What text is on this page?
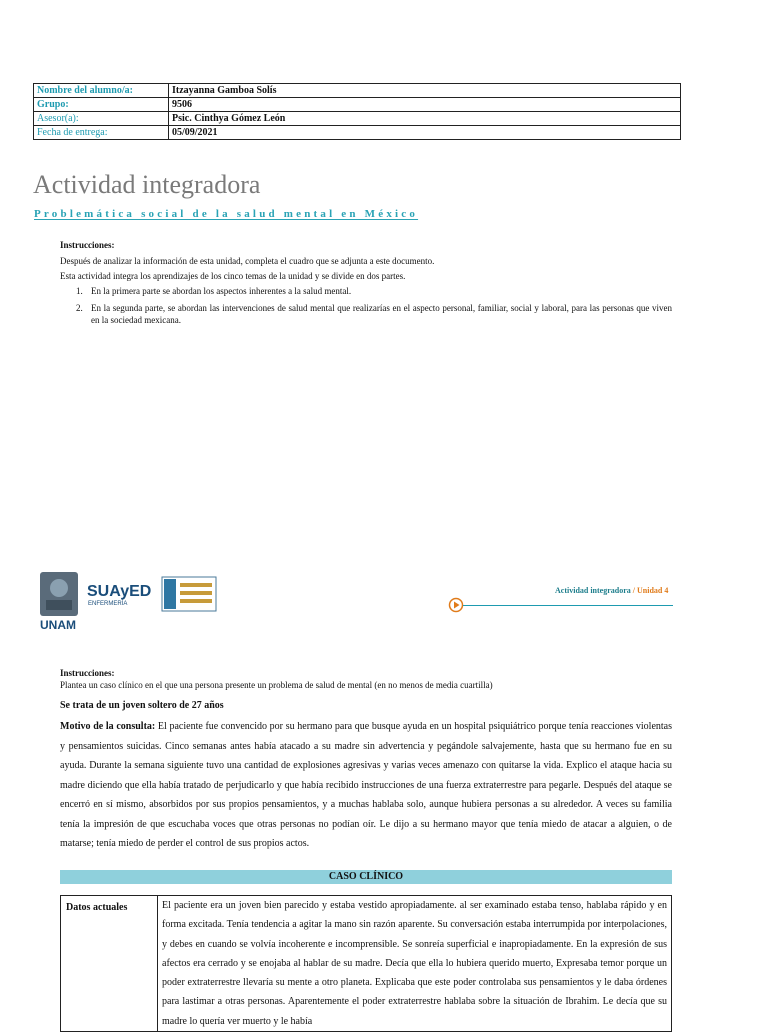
Nombre del alumno/a:	Itzayanna Gamboa Solís
Grupo:	9506
Asesor(a):	Psic. Cinthya Gómez León
Fecha de entrega:	05/09/2021
Actividad integradora
Problemática social de la salud mental en México
Instrucciones:
Después de analizar la información de esta unidad, completa el cuadro que se adjunta a este documento.
Esta actividad integra los aprendizajes de los cinco temas de la unidad y se divide en dos partes.
1. En la primera parte se abordan los aspectos inherentes a la salud mental.
2. En la segunda parte, se abordan las intervenciones de salud mental que realizarías en el aspecto personal, familiar, social y laboral, para las personas que viven en la sociedad mexicana.
UNAM
SUAyED
ENFERMERÍA
Actividad integradora / Unidad 4
Instrucciones:
Plantea un caso clínico en el que una persona presente un problema de salud de mental (en no menos de media cuartilla)
Se trata de un joven soltero de 27 años

Motivo de la consulta: El paciente fue convencido por su hermano para que busque ayuda en un hospital psiquiátrico porque tenía reacciones violentas y pensamientos suicidas. Cinco semanas antes había atacado a su madre sin advertencia y pegándole salvajemente, hasta que su hermano fue en su ayuda. Durante la semana siguiente tuvo una cantidad de explosiones agresivas y varias veces amenazo con quitarse la vida. Explico el ataque hacia su madre diciendo que ella había tratado de perjudicarlo y que había recibido instrucciones de una fuerza extraterrestre para pegarle. Después del ataque se encerró en sí mismo, absorbidos por sus propios pensamientos, y a muchas hablaba solo, aunque hubiera personas a su alrededor. A veces su familia tenía la impresión de que escuchaba voces que otras personas no podían oír. Le dijo a su hermano mayor que tenía miedo de atacar a alguien, o de matarse; tenía miedo de perder el control de sus propios actos.

CASO CLÍNICO
Datos actuales	El paciente era un joven bien parecido y estaba vestido apropiadamente. al ser examinado estaba tenso, hablaba rápido y en forma excitada. Tenía tendencia a agitar la mano sin razón aparente. Su conversación estaba interrumpida por interpolaciones, y debes en cuando se volvía incoherente e incomprensible. Se sonreía superficial e inapropiadamente. En la expresión de sus afectos era cerrado y se enojaba al hablar de su madre. Decía que ella lo hubiera querido muerto, Expresaba temor porque un poder extraterrestre llevaría su mente a otro planeta. Explicaba que este poder controlaba sus pensamientos y le daba órdenes para lastimar a otras personas. Aparentemente el poder extraterrestre hablaba sobre la situación de Ibrahim. Le decía que su madre lo quería ver muerto y le había
